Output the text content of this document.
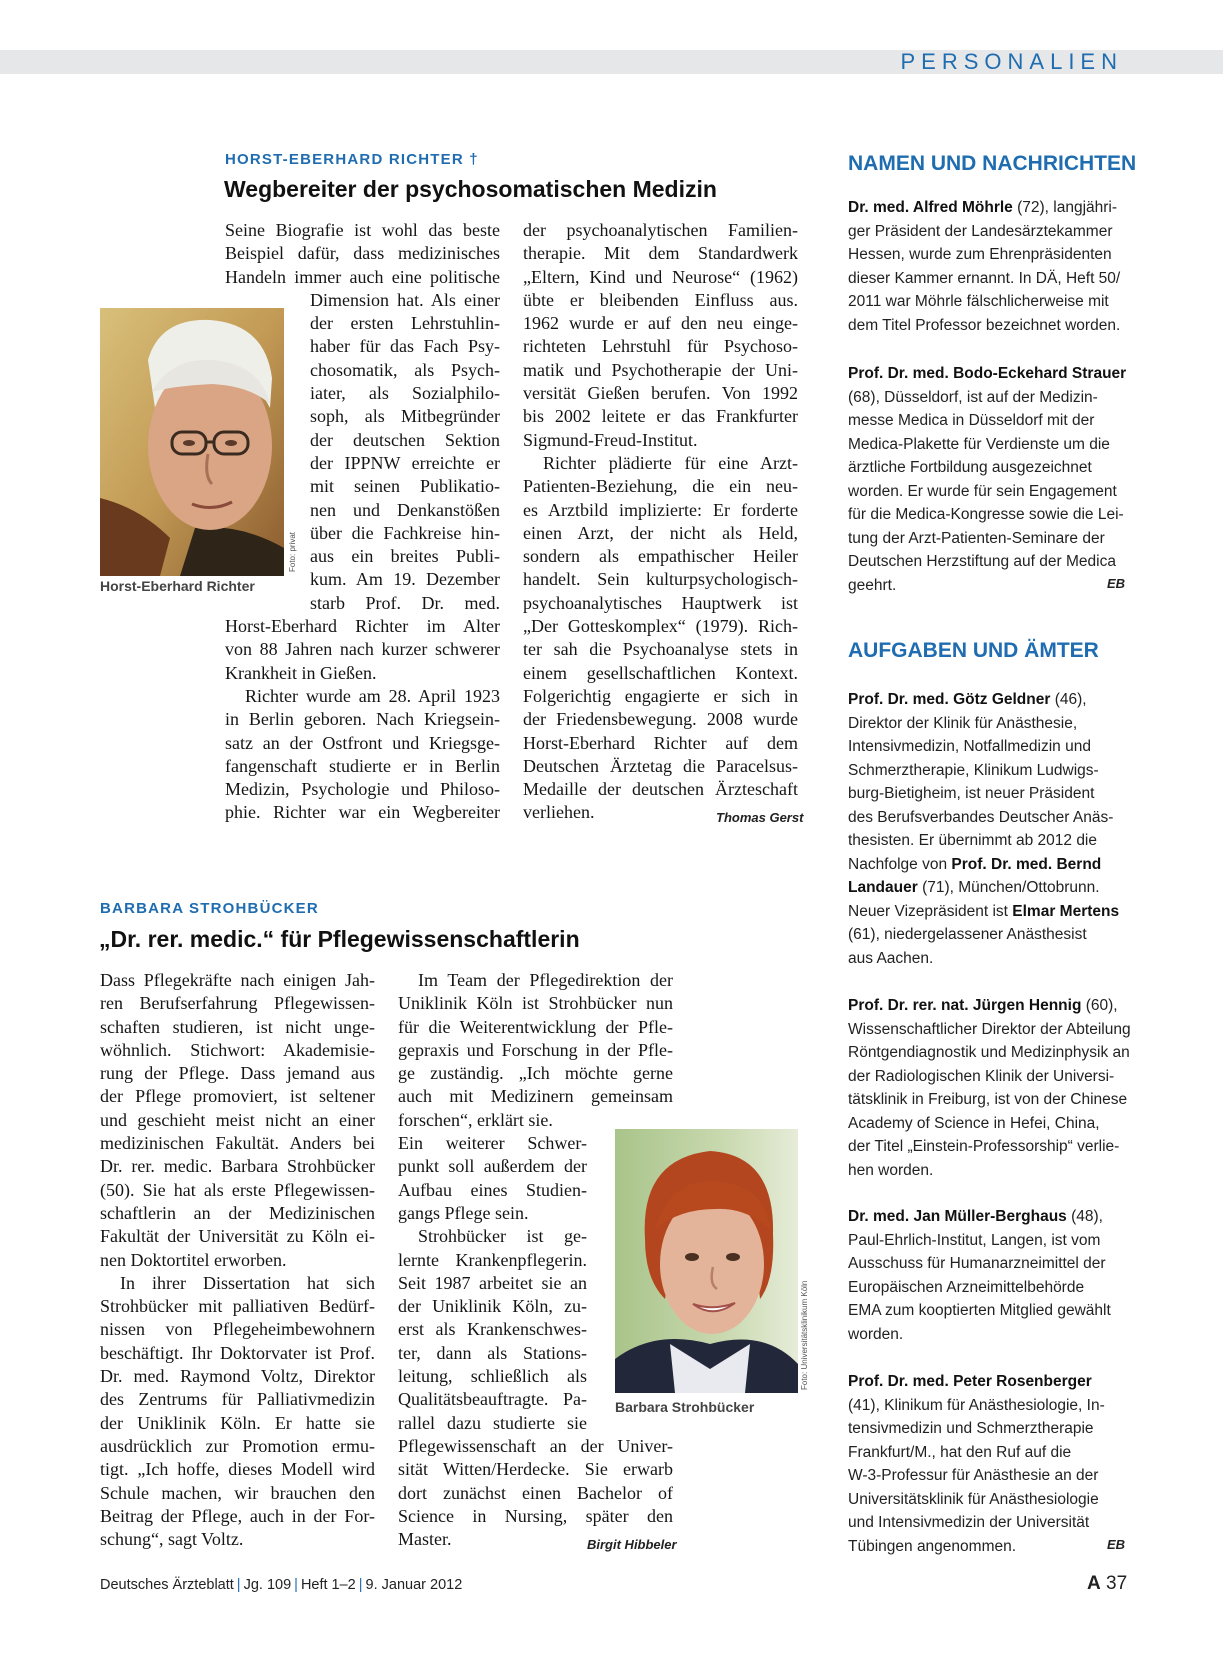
PERSONALIEN
HORST-EBERHARD RICHTER †
Wegbereiter der psychosomatischen Medizin
Foto: privat
Horst-Eberhard Richter
Seine Biografie ist wohl das beste
Beispiel dafür, dass medizinisches
Handeln immer auch eine politische
Dimension hat. Als einer
der ersten Lehrstuhlin-
haber für das Fach Psy-
chosomatik, als Psych-
iater, als Sozialphilo-
soph, als Mitbegründer
der deutschen Sektion
der IPPNW erreichte er
mit seinen Publikatio-
nen und Denkanstößen
über die Fachkreise hin-
aus ein breites Publi-
kum. Am 19. Dezember
starb Prof. Dr. med.
Horst-Eberhard Richter im Alter
von 88 Jahren nach kurzer schwerer
Krankheit in Gießen.
Richter wurde am 28. April 1923
in Berlin geboren. Nach Kriegsein-
satz an der Ostfront und Kriegsge-
fangenschaft studierte er in Berlin
Medizin, Psychologie und Philoso-
phie. Richter war ein Wegbereiter
der psychoanalytischen Familien-
therapie. Mit dem Standardwerk
„Eltern, Kind und Neurose“ (1962)
übte er bleibenden Einfluss aus.
1962 wurde er auf den neu einge-
richteten Lehrstuhl für Psychoso-
matik und Psychotherapie der Uni-
versität Gießen berufen. Von 1992
bis 2002 leitete er das Frankfurter
Sigmund-Freud-Institut.
Richter plädierte für eine Arzt-
Patienten-Beziehung, die ein neu-
es Arztbild implizierte: Er forderte
einen Arzt, der nicht als Held,
sondern als empathischer Heiler
handelt. Sein kulturpsychologisch-
psychoanalytisches Hauptwerk ist
„Der Gotteskomplex“ (1979). Rich-
ter sah die Psychoanalyse stets in
einem gesellschaftlichen Kontext.
Folgerichtig engagierte er sich in
der Friedensbewegung. 2008 wurde
Horst-Eberhard Richter auf dem
Deutschen Ärztetag die Paracelsus-
Medaille der deutschen Ärzteschaft
verliehen.	Thomas Gerst
BARBARA STROHBÜCKER
„Dr. rer. medic.“ für Pflegewissenschaftlerin
Dass Pflegekräfte nach einigen Jah-
ren Berufserfahrung Pflegewissen-
schaften studieren, ist nicht unge-
wöhnlich. Stichwort: Akademisie-
rung der Pflege. Dass jemand aus
der Pflege promoviert, ist seltener
und geschieht meist nicht an einer
medizinischen Fakultät. Anders bei
Dr. rer. medic. Barbara Strohbücker
(50). Sie hat als erste Pflegewissen-
schaftlerin an der Medizinischen
Fakultät der Universität zu Köln ei-
nen Doktortitel erworben.
In ihrer Dissertation hat sich
Strohbücker mit palliativen Bedürf-
nissen von Pflegeheimbewohnern
beschäftigt. Ihr Doktorvater ist Prof.
Dr. med. Raymond Voltz, Direktor
des Zentrums für Palliativmedizin
der Uniklinik Köln. Er hatte sie
ausdrücklich zur Promotion ermu-
tigt. „Ich hoffe, dieses Modell wird
Schule machen, wir brauchen den
Beitrag der Pflege, auch in der For-
schung“, sagt Voltz.
Im Team der Pflegedirektion der
Uniklinik Köln ist Strohbücker nun
für die Weiterentwicklung der Pfle-
gepraxis und Forschung in der Pfle-
ge zuständig. „Ich möchte gerne
auch mit Medizinern gemeinsam
forschen“, erklärt sie.
Ein weiterer Schwer-
punkt soll außerdem der
Aufbau eines Studien-
gangs Pflege sein.
Strohbücker ist ge-
lernte Krankenpflegerin.
Seit 1987 arbeitet sie an
der Uniklinik Köln, zu-
erst als Krankenschwes-
ter, dann als Stations-
leitung, schließlich als
Qualitätsbeauftragte. Pa-
rallel dazu studierte sie
Pflegewissenschaft an der Univer-
sität Witten/Herdecke. Sie erwarb
dort zunächst einen Bachelor of
Science in Nursing, später den
Master.
Foto: Universitätsklinikum Köln
Barbara Strohbücker
Birgit Hibbeler
NAMEN UND NACHRICHTEN
Dr. med. Alfred Möhrle (72), langjähri-
ger Präsident der Landesärztekammer
Hessen, wurde zum Ehrenpräsidenten
dieser Kammer ernannt. In DÄ, Heft 50/
2011 war Möhrle fälschlicherweise mit
dem Titel Professor bezeichnet worden.
Prof. Dr. med. Bodo-Eckehard Strauer
(68), Düsseldorf, ist auf der Medizin-
messe Medica in Düsseldorf mit der
Medica-Plakette für Verdienste um die
ärztliche Fortbildung ausgezeichnet
worden. Er wurde für sein Engagement
für die Medica-Kongresse sowie die Lei-
tung der Arzt-Patienten-Seminare der
Deutschen Herzstiftung auf der Medica
geehrt.	EB
AUFGABEN UND ÄMTER
Prof. Dr. med. Götz Geldner (46),
Direktor der Klinik für Anästhesie,
Intensivmedizin, Notfallmedizin und
Schmerztherapie, Klinikum Ludwigs-
burg-Bietigheim, ist neuer Präsident
des Berufsverbandes Deutscher Anäs-
thesisten. Er übernimmt ab 2012 die
Nachfolge von Prof. Dr. med. Bernd
Landauer (71), München/Ottobrunn.
Neuer Vizepräsident ist Elmar Mertens
(61), niedergelassener Anästhesist
aus Aachen.
Prof. Dr. rer. nat. Jürgen Hennig (60),
Wissenschaftlicher Direktor der Abteilung
Röntgendiagnostik und Medizinphysik an
der Radiologischen Klinik der Universi-
tätsklinik in Freiburg, ist von der Chinese
Academy of Science in Hefei, China,
der Titel „Einstein-Professorship“ verlie-
hen worden.
Dr. med. Jan Müller-Berghaus (48),
Paul-Ehrlich-Institut, Langen, ist vom
Ausschuss für Humanarzneimittel der
Europäischen Arzneimittelbehörde
EMA zum kooptierten Mitglied gewählt
worden.
Prof. Dr. med. Peter Rosenberger
(41), Klinikum für Anästhesiologie, In-
tensivmedizin und Schmerztherapie
Frankfurt/M., hat den Ruf auf die
W-3-Professur für Anästhesie an der
Universitätsklinik für Anästhesiologie
und Intensivmedizin der Universität
Tübingen angenommen.	EB
Deutsches Ärzteblatt | Jg. 109 | Heft 1–2 | 9. Januar 2012	A 37
